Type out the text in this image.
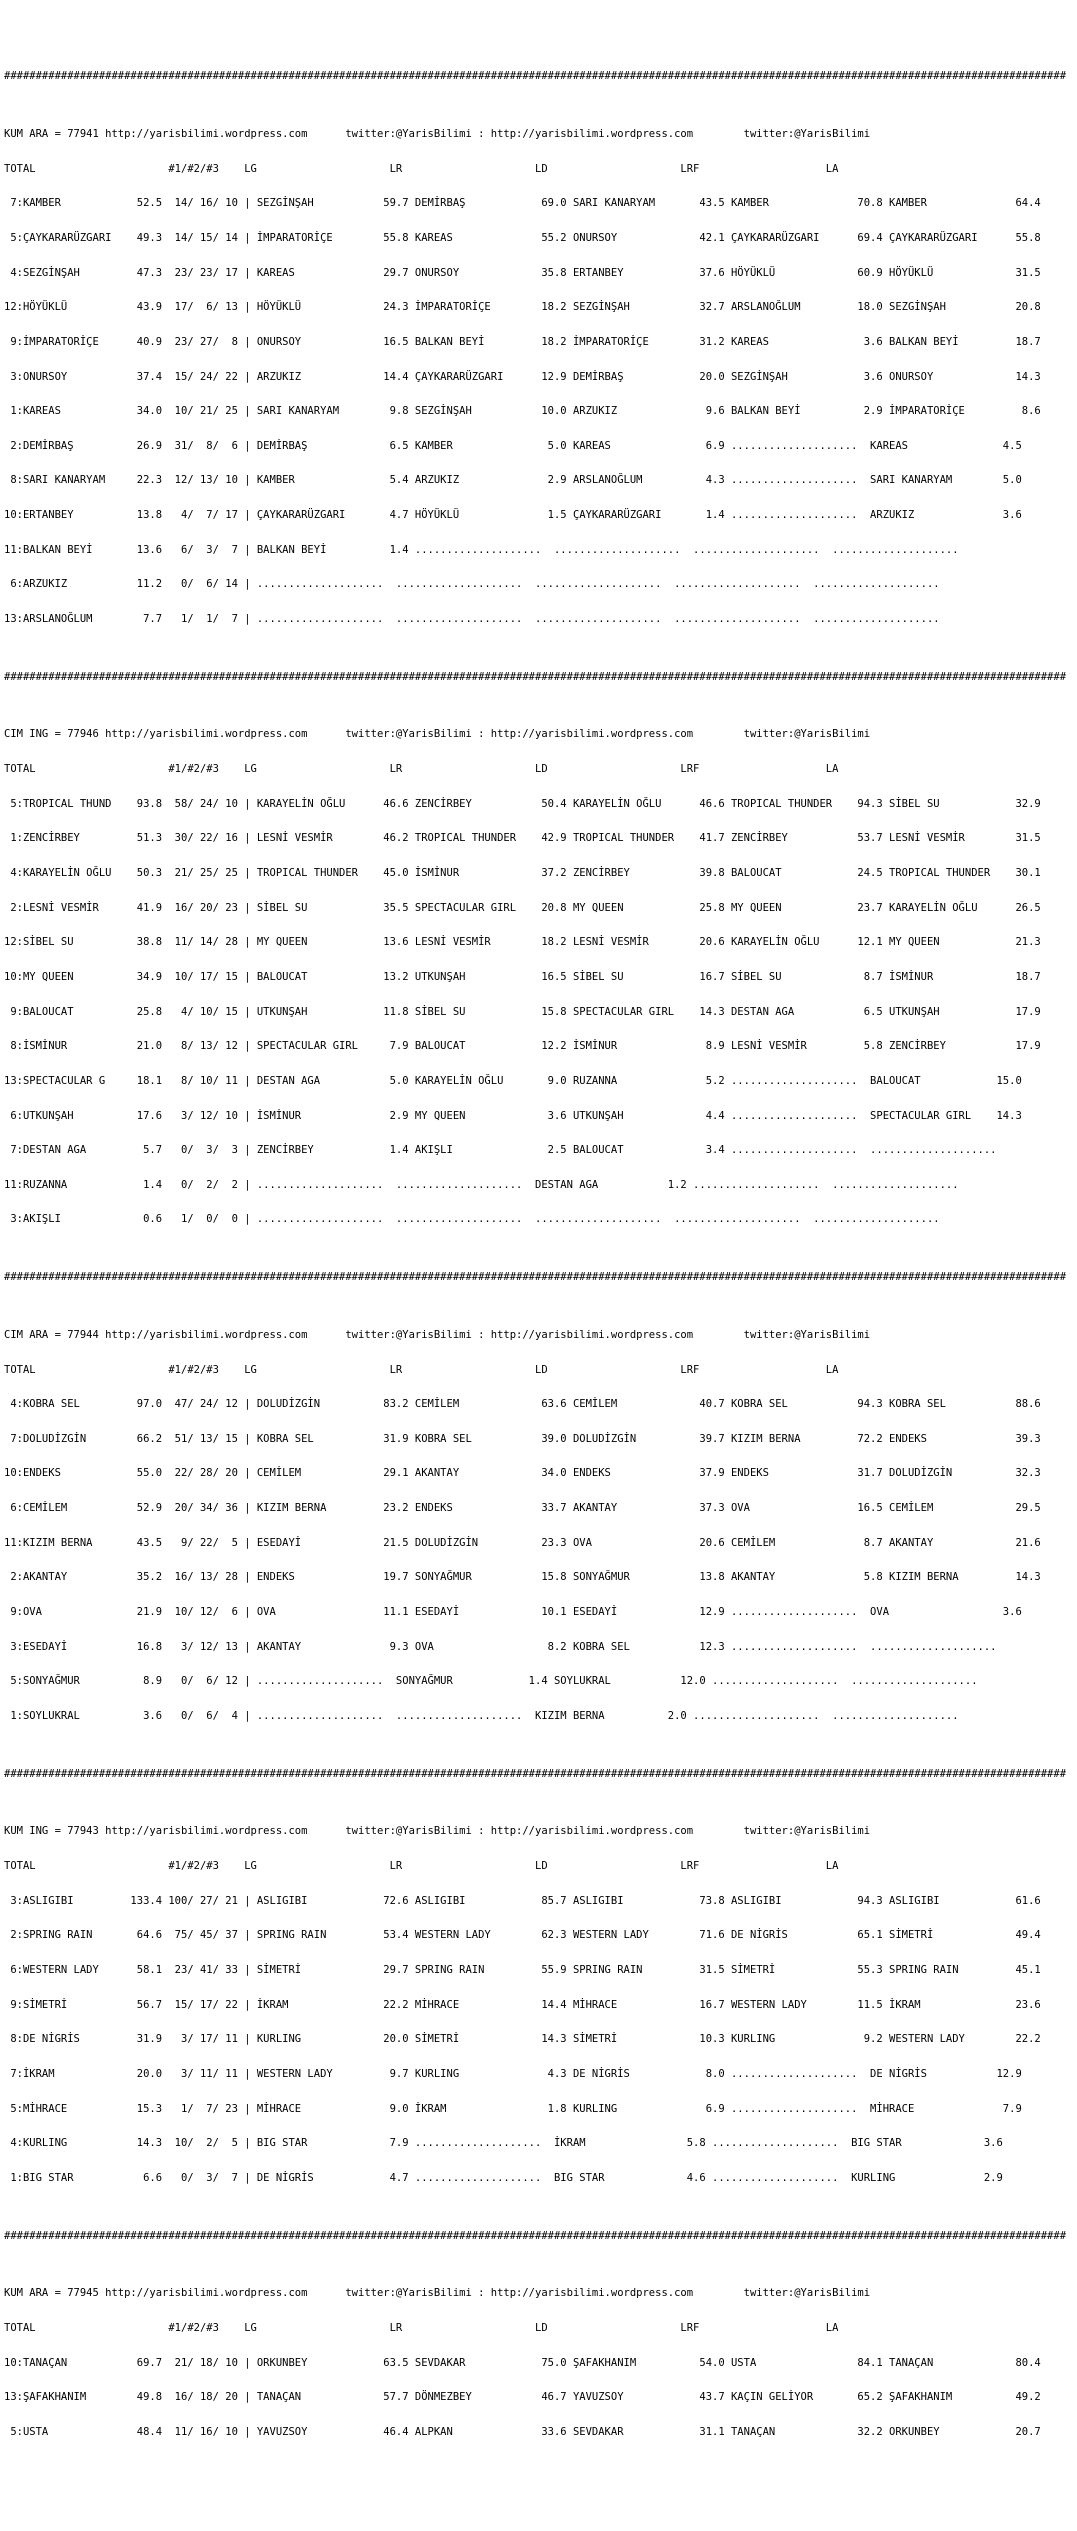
########################################################################################################################################################################

KUM ARA = 77941 http://yarisbilimi.wordpress.com      twitter:@YarisBilimi : http://yarisbilimi.wordpress.com        twitter:@YarisBilimi

TOTAL                     #1/#2/#3    LG                     LR                     LD                     LRF                    LA

7:KAMBER            52.5  14/ 16/ 10 | SEZGİNŞAH           59.7 DEMİRBAŞ            69.0 SARI KANARYAM       43.5 KAMBER              70.8 KAMBER              64.4

5:ÇAYKARARÜZGARI    49.3  14/ 15/ 14 | İMPARATORİÇE        55.8 KAREAS              55.2 ONURSOY             42.1 ÇAYKARARÜZGARI      69.4 ÇAYKARARÜZGARI      55.8

4:SEZGİNŞAH         47.3  23/ 23/ 17 | KAREAS              29.7 ONURSOY             35.8 ERTANBEY            37.6 HÖYÜKLÜ             60.9 HÖYÜKLÜ             31.5

12:HÖYÜKLÜ           43.9  17/  6/ 13 | HÖYÜKLÜ             24.3 İMPARATORİÇE        18.2 SEZGİNŞAH           32.7 ARSLANOĞLUM         18.0 SEZGİNŞAH           20.8

9:İMPARATORİÇE      40.9  23/ 27/  8 | ONURSOY             16.5 BALKAN BEYİ         18.2 İMPARATORİÇE        31.2 KAREAS               3.6 BALKAN BEYİ         18.7

3:ONURSOY           37.4  15/ 24/ 22 | ARZUKIZ             14.4 ÇAYKARARÜZGARI      12.9 DEMİRBAŞ            20.0 SEZGİNŞAH            3.6 ONURSOY             14.3

1:KAREAS            34.0  10/ 21/ 25 | SARI KANARYAM        9.8 SEZGİNŞAH           10.0 ARZUKIZ              9.6 BALKAN BEYİ          2.9 İMPARATORİÇE         8.6

2:DEMİRBAŞ          26.9  31/  8/  6 | DEMİRBAŞ             6.5 KAMBER               5.0 KAREAS               6.9 ....................  KAREAS               4.5

8:SARI KANARYAM     22.3  12/ 13/ 10 | KAMBER               5.4 ARZUKIZ              2.9 ARSLANOĞLUM          4.3 ....................  SARI KANARYAM        5.0

10:ERTANBEY          13.8   4/  7/ 17 | ÇAYKARARÜZGARI       4.7 HÖYÜKLÜ              1.5 ÇAYKARARÜZGARI       1.4 ....................  ARZUKIZ              3.6

11:BALKAN BEYİ       13.6   6/  3/  7 | BALKAN BEYİ          1.4 ....................  ....................  ....................  ....................

6:ARZUKIZ           11.2   0/  6/ 14 | ....................  ....................  ....................  ....................  ....................

13:ARSLANOĞLUM        7.7   1/  1/  7 | ....................  ....................  ....................  ....................  ....................

########################################################################################################################################################################

CIM ING = 77946 http://yarisbilimi.wordpress.com      twitter:@YarisBilimi : http://yarisbilimi.wordpress.com        twitter:@YarisBilimi

TOTAL                     #1/#2/#3    LG                     LR                     LD                     LRF                    LA

5:TROPICAL THUND    93.8  58/ 24/ 10 | KARAYELİN OĞLU      46.6 ZENCİRBEY           50.4 KARAYELİN OĞLU      46.6 TROPICAL THUNDER    94.3 SİBEL SU            32.9

1:ZENCİRBEY         51.3  30/ 22/ 16 | LESNİ VESMİR        46.2 TROPICAL THUNDER    42.9 TROPICAL THUNDER    41.7 ZENCİRBEY           53.7 LESNİ VESMİR        31.5

4:KARAYELİN OĞLU    50.3  21/ 25/ 25 | TROPICAL THUNDER    45.0 İSMİNUR             37.2 ZENCİRBEY           39.8 BALOUCAT            24.5 TROPICAL THUNDER    30.1

2:LESNİ VESMİR      41.9  16/ 20/ 23 | SİBEL SU            35.5 SPECTACULAR GIRL    20.8 MY QUEEN            25.8 MY QUEEN            23.7 KARAYELİN OĞLU      26.5

12:SİBEL SU          38.8  11/ 14/ 28 | MY QUEEN            13.6 LESNİ VESMİR        18.2 LESNİ VESMİR        20.6 KARAYELİN OĞLU      12.1 MY QUEEN            21.3

10:MY QUEEN          34.9  10/ 17/ 15 | BALOUCAT            13.2 UTKUNŞAH            16.5 SİBEL SU            16.7 SİBEL SU             8.7 İSMİNUR             18.7

9:BALOUCAT          25.8   4/ 10/ 15 | UTKUNŞAH            11.8 SİBEL SU            15.8 SPECTACULAR GIRL    14.3 DESTAN AGA           6.5 UTKUNŞAH            17.9

8:İSMİNUR           21.0   8/ 13/ 12 | SPECTACULAR GIRL     7.9 BALOUCAT            12.2 İSMİNUR              8.9 LESNİ VESMİR         5.8 ZENCİRBEY           17.9

13:SPECTACULAR G     18.1   8/ 10/ 11 | DESTAN AGA           5.0 KARAYELİN OĞLU       9.0 RUZANNA              5.2 ....................  BALOUCAT            15.0

6:UTKUNŞAH          17.6   3/ 12/ 10 | İSMİNUR              2.9 MY QUEEN             3.6 UTKUNŞAH             4.4 ....................  SPECTACULAR GIRL    14.3

7:DESTAN AGA         5.7   0/  3/  3 | ZENCİRBEY            1.4 AKIŞLI               2.5 BALOUCAT             3.4 ....................  ....................

11:RUZANNA            1.4   0/  2/  2 | ....................  ....................  DESTAN AGA           1.2 ....................  ....................

3:AKIŞLI             0.6   1/  0/  0 | ....................  ....................  ....................  ....................  ....................

########################################################################################################################################################################

CIM ARA = 77944 http://yarisbilimi.wordpress.com      twitter:@YarisBilimi : http://yarisbilimi.wordpress.com        twitter:@YarisBilimi

TOTAL                     #1/#2/#3    LG                     LR                     LD                     LRF                    LA

4:KOBRA SEL         97.0  47/ 24/ 12 | DOLUDİZGİN          83.2 CEMİLEM             63.6 CEMİLEM             40.7 KOBRA SEL           94.3 KOBRA SEL           88.6

7:DOLUDİZGİN        66.2  51/ 13/ 15 | KOBRA SEL           31.9 KOBRA SEL           39.0 DOLUDİZGİN          39.7 KIZIM BERNA         72.2 ENDEKS              39.3

10:ENDEKS            55.0  22/ 28/ 20 | CEMİLEM             29.1 AKANTAY             34.0 ENDEKS              37.9 ENDEKS              31.7 DOLUDİZGİN          32.3

6:CEMİLEM           52.9  20/ 34/ 36 | KIZIM BERNA         23.2 ENDEKS              33.7 AKANTAY             37.3 OVA                 16.5 CEMİLEM             29.5

11:KIZIM BERNA       43.5   9/ 22/  5 | ESEDAYİ             21.5 DOLUDİZGİN          23.3 OVA                 20.6 CEMİLEM              8.7 AKANTAY             21.6

2:AKANTAY           35.2  16/ 13/ 28 | ENDEKS              19.7 SONYAĞMUR           15.8 SONYAĞMUR           13.8 AKANTAY              5.8 KIZIM BERNA         14.3

9:OVA               21.9  10/ 12/  6 | OVA                 11.1 ESEDAYİ             10.1 ESEDAYİ             12.9 ....................  OVA                  3.6

3:ESEDAYİ           16.8   3/ 12/ 13 | AKANTAY              9.3 OVA                  8.2 KOBRA SEL           12.3 ....................  ....................

5:SONYAĞMUR          8.9   0/  6/ 12 | ....................  SONYAĞMUR            1.4 SOYLUKRAL           12.0 ....................  ....................

1:SOYLUKRAL          3.6   0/  6/  4 | ....................  ....................  KIZIM BERNA          2.0 ....................  ....................

########################################################################################################################################################################

KUM ING = 77943 http://yarisbilimi.wordpress.com      twitter:@YarisBilimi : http://yarisbilimi.wordpress.com        twitter:@YarisBilimi

TOTAL                     #1/#2/#3    LG                     LR                     LD                     LRF                    LA

3:ASLIGIBI         133.4 100/ 27/ 21 | ASLIGIBI            72.6 ASLIGIBI            85.7 ASLIGIBI            73.8 ASLIGIBI            94.3 ASLIGIBI            61.6

2:SPRING RAIN       64.6  75/ 45/ 37 | SPRING RAIN         53.4 WESTERN LADY        62.3 WESTERN LADY        71.6 DE NİGRİS           65.1 SİMETRİ             49.4

6:WESTERN LADY      58.1  23/ 41/ 33 | SİMETRİ             29.7 SPRING RAIN         55.9 SPRING RAIN         31.5 SİMETRİ             55.3 SPRING RAIN         45.1

9:SİMETRİ           56.7  15/ 17/ 22 | İKRAM               22.2 MİHRACE             14.4 MİHRACE             16.7 WESTERN LADY        11.5 İKRAM               23.6

8:DE NİGRİS         31.9   3/ 17/ 11 | KURLING             20.0 SİMETRİ             14.3 SİMETRİ             10.3 KURLING              9.2 WESTERN LADY        22.2

7:İKRAM             20.0   3/ 11/ 11 | WESTERN LADY         9.7 KURLING              4.3 DE NİGRİS            8.0 ....................  DE NİGRİS           12.9

5:MİHRACE           15.3   1/  7/ 23 | MİHRACE              9.0 İKRAM                1.8 KURLING              6.9 ....................  MİHRACE              7.9

4:KURLING           14.3  10/  2/  5 | BIG STAR             7.9 ....................  İKRAM                5.8 ....................  BIG STAR             3.6

1:BIG STAR           6.6   0/  3/  7 | DE NİGRİS            4.7 ....................  BIG STAR             4.6 ....................  KURLING              2.9

########################################################################################################################################################################

KUM ARA = 77945 http://yarisbilimi.wordpress.com      twitter:@YarisBilimi : http://yarisbilimi.wordpress.com        twitter:@YarisBilimi

TOTAL                     #1/#2/#3    LG                     LR                     LD                     LRF                    LA

10:TANAÇAN           69.7  21/ 18/ 10 | ORKUNBEY            63.5 SEVDAKAR            75.0 ŞAFAKHANIM          54.0 USTA                84.1 TANAÇAN             80.4

13:ŞAFAKHANIM        49.8  16/ 18/ 20 | TANAÇAN             57.7 DÖNMEZBEY           46.7 YAVUZSOY            43.7 KAÇIN GELİYOR       65.2 ŞAFAKHANIM          49.2

5:USTA              48.4  11/ 16/ 10 | YAVUZSOY            46.4 ALPKAN              33.6 SEVDAKAR            31.1 TANAÇAN             32.2 ORKUNBEY            20.7
